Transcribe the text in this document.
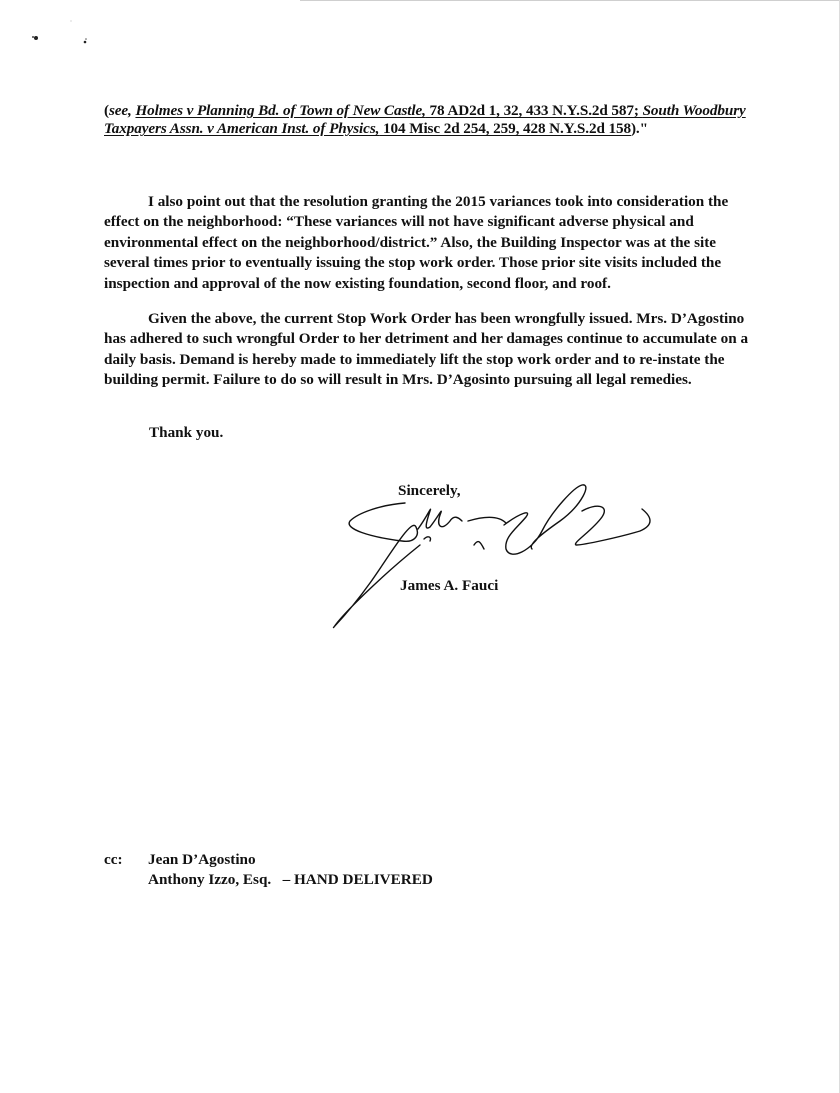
(see, Holmes v Planning Bd. of Town of New Castle, 78 AD2d 1, 32, 433 N.Y.S.2d 587; South Woodbury Taxpayers Assn. v American Inst. of Physics, 104 Misc 2d 254, 259, 428 N.Y.S.2d 158)."

I also point out that the resolution granting the 2015 variances took into consideration the effect on the neighborhood: “These variances will not have significant adverse physical and environmental effect on the neighborhood/district.” Also, the Building Inspector was at the site several times prior to eventually issuing the stop work order. Those prior site visits included the inspection and approval of the now existing foundation, second floor, and roof.

Given the above, the current Stop Work Order has been wrongfully issued. Mrs. D’Agostino has adhered to such wrongful Order to her detriment and her damages continue to accumulate on a daily basis. Demand is hereby made to immediately lift the stop work order and to re-instate the building permit. Failure to do so will result in Mrs. D’Agosinto pursuing all legal remedies.

Thank you.
Sincerely,
James A. Fauci
cc:	Jean D’Agostino
Anthony Izzo, Esq.   – HAND DELIVERED
